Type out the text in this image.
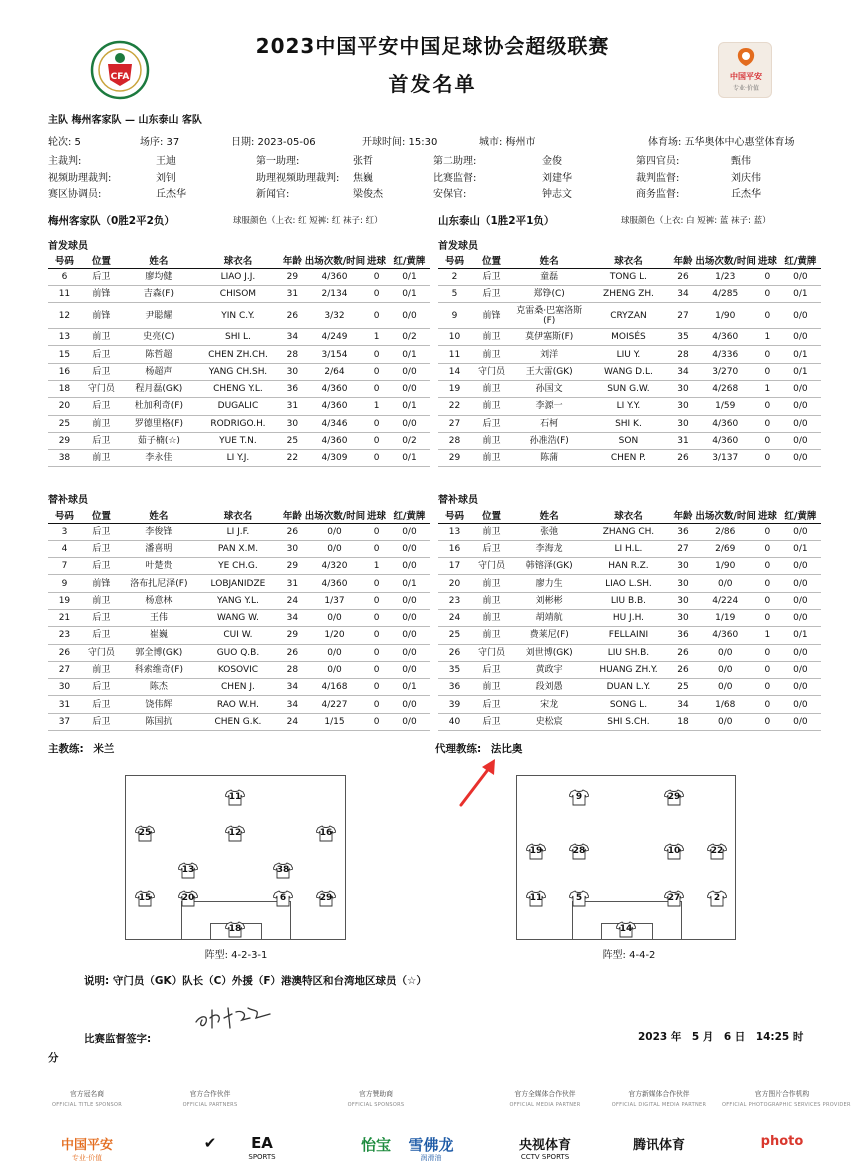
CFA
2023中国平安中国足球协会超级联赛
首发名单	中国平安
专业·价值
主队 梅州客家队 — 山东泰山 客队
轮次: 5	场序: 37	日期: 2023-05-06	开球时间: 15:30	城市: 梅州市	体育场: 五华奥体中心惠堂体育场
主裁判:	王迪	第一助理:	张哲	第二助理:	金俊	第四官员:	甄伟
视频助理裁判:	刘钊	助理视频助理裁判: 焦巍	比赛监督:	刘建华	裁判监督:	刘庆伟
赛区协调员:	丘杰华	新闻官:	梁俊杰	安保官:	钟志文	商务监督:	丘杰华
梅州客家队（0胜2平2负）	球服颜色（上衣: 红 短裤: 红 袜子: 红）	山东泰山（1胜2平1负）	球服颜色（上衣: 白 短裤: 蓝 袜子: 蓝）
首发球员	首发球员
号码	位置	姓名	球衣名	年龄	出场次数/时间	进球	红/黄牌
6	后卫	廖均健	LIAO J.J.	29	4/360	0	0/1
11	前锋	吉森(F)	CHISOM	31	2/134	0	0/1
12	前锋	尹聪耀	YIN C.Y.	26	3/32	0	0/0
13	前卫	史亮(C)	SHI L.	34	4/249	1	0/2
15	后卫	陈哲超	CHEN ZH.CH.	28	3/154	0	0/1
16	后卫	杨超声	YANG CH.SH.	30	2/64	0	0/0
18	守门员	程月磊(GK)	CHENG Y.L.	36	4/360	0	0/0
20	后卫	杜加利奇(F)	DUGALIC	31	4/360	1	0/1
25	前卫	罗德里格(F)	RODRIGO.H.	30	4/346	0	0/0
29	后卫	茹子楠(☆)	YUE T.N.	25	4/360	0	0/2
38	前卫	李永佳	LI Y.J.	22	4/309	0	0/1
号码	位置	姓名	球衣名	年龄	出场次数/时间	进球	红/黄牌
2	后卫	童磊	TONG L.	26	1/23	0	0/0
5	后卫	郑铮(C)	ZHENG ZH.	34	4/285	0	0/1
9	前锋	克雷桑·巴塞洛斯(F)	CRYZAN	27	1/90	0	0/0
10	前卫	莫伊塞斯(F)	MOISÉS	35	4/360	1	0/0
11	前卫	刘洋	LIU Y.	28	4/336	0	0/1
14	守门员	王大雷(GK)	WANG D.L.	34	3/270	0	0/1
19	前卫	孙国文	SUN G.W.	30	4/268	1	0/0
22	前卫	李源一	LI Y.Y.	30	1/59	0	0/0
27	后卫	石柯	SHI K.	30	4/360	0	0/0
28	前卫	孙准浩(F)	SON	31	4/360	0	0/0
29	前卫	陈蒲	CHEN P.	26	3/137	0	0/0
替补球员	替补球员
号码	位置	姓名	球衣名	年龄	出场次数/时间	进球	红/黄牌
3	后卫	李俊锋	LI J.F.	26	0/0	0	0/0
4	后卫	潘喜明	PAN X.M.	30	0/0	0	0/0
7	后卫	叶楚贵	YE CH.G.	29	4/320	1	0/0
9	前锋	洛布扎尼泽(F)	LOBJANIDZE	31	4/360	0	0/1
19	前卫	杨意林	YANG Y.L.	24	1/37	0	0/0
21	后卫	王伟	WANG W.	34	0/0	0	0/0
23	后卫	崔巍	CUI W.	29	1/20	0	0/0
26	守门员	郭全博(GK)	GUO Q.B.	26	0/0	0	0/0
27	前卫	科索维奇(F)	KOSOVIC	28	0/0	0	0/0
30	后卫	陈杰	CHEN J.	34	4/168	0	0/1
31	后卫	饶伟辉	RAO W.H.	34	4/227	0	0/0
37	后卫	陈国抗	CHEN G.K.	24	1/15	0	0/0
号码	位置	姓名	球衣名	年龄	出场次数/时间	进球	红/黄牌
13	前卫	张弛	ZHANG CH.	36	2/86	0	0/0
16	后卫	李海龙	LI H.L.	27	2/69	0	0/1
17	守门员	韩镕泽(GK)	HAN R.Z.	30	1/90	0	0/0
20	前卫	廖力生	LIAO L.SH.	30	0/0	0	0/0
23	前卫	刘彬彬	LIU B.B.	30	4/224	0	0/0
24	前卫	胡靖航	HU J.H.	30	1/19	0	0/0
25	前卫	费莱尼(F)	FELLAINI	36	4/360	1	0/1
26	守门员	刘世博(GK)	LIU SH.B.	26	0/0	0	0/0
35	后卫	黄政宇	HUANG ZH.Y.	26	0/0	0	0/0
36	前卫	段刘愚	DUAN L.Y.	25	0/0	0	0/0
39	后卫	宋龙	SONG L.	34	1/68	0	0/0
40	后卫	史松宸	SHI S.CH.	18	0/0	0	0/0
主教练: 米兰	代理教练: 法比奥
11
25	12	16
13	38
15	20	6	29
18
9	29
19	28	10	22
11	5	27	2
14
阵型: 4-2-3-1	阵型: 4-4-2
说明: 守门员（GK）队长（C）外援（F）港澳特区和台湾地区球员（☆）
比赛监督签字:	2023 年　5 月　6 日　14:25 时
分
官方冠名商
OFFICIAL TITLE SPONSOR
中国平安
专业·价值
官方合作伙伴
OFFICIAL PARTNERS
✔	EA
SPORTS
官方赞助商
OFFICIAL SPONSORS
怡宝	雪佛龙
润滑油
官方全媒体合作伙伴
OFFICIAL MEDIA PARTNER
央视体育
CCTV SPORTS
官方新媒体合作伙伴
OFFICIAL DIGITAL MEDIA PARTNER
腾讯体育
官方图片合作机构
OFFICIAL PHOTOGRAPHIC SERVICES PROVIDER
photo
